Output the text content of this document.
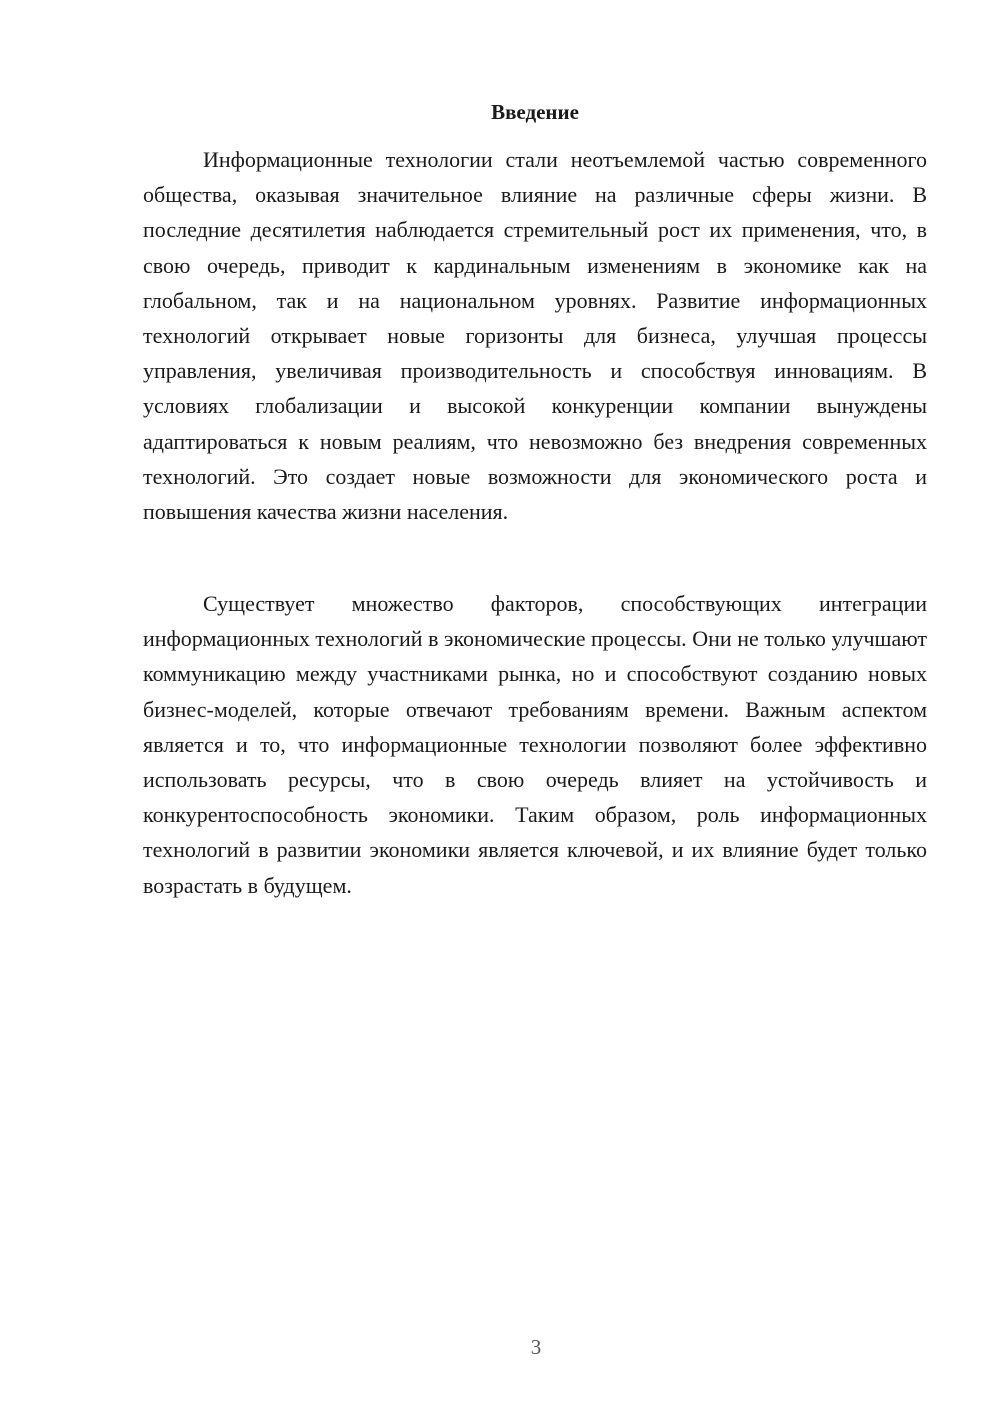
Введение

Информационные технологии стали неотъемлемой частью современного общества, оказывая значительное влияние на различные сферы жизни. В последние десятилетия наблюдается стремительный рост их применения, что, в свою очередь, приводит к кардинальным изменениям в экономике как на глобальном, так и на национальном уровнях. Развитие информационных технологий открывает новые горизонты для бизнеса, улучшая процессы управления, увеличивая производительность и способствуя инновациям. В условиях глобализации и высокой конкуренции компании вынуждены адаптироваться к новым реалиям, что невозможно без внедрения современных технологий. Это создает новые возможности для экономического роста и повышения качества жизни населения.

Существует множество факторов, способствующих интеграции информационных технологий в экономические процессы. Они не только улучшают коммуникацию между участниками рынка, но и способствуют созданию новых бизнес-моделей, которые отвечают требованиям времени. Важным аспектом является и то, что информационные технологии позволяют более эффективно использовать ресурсы, что в свою очередь влияет на устойчивость и конкурентоспособность экономики. Таким образом, роль информационных технологий в развитии экономики является ключевой, и их влияние будет только возрастать в будущем.

3
